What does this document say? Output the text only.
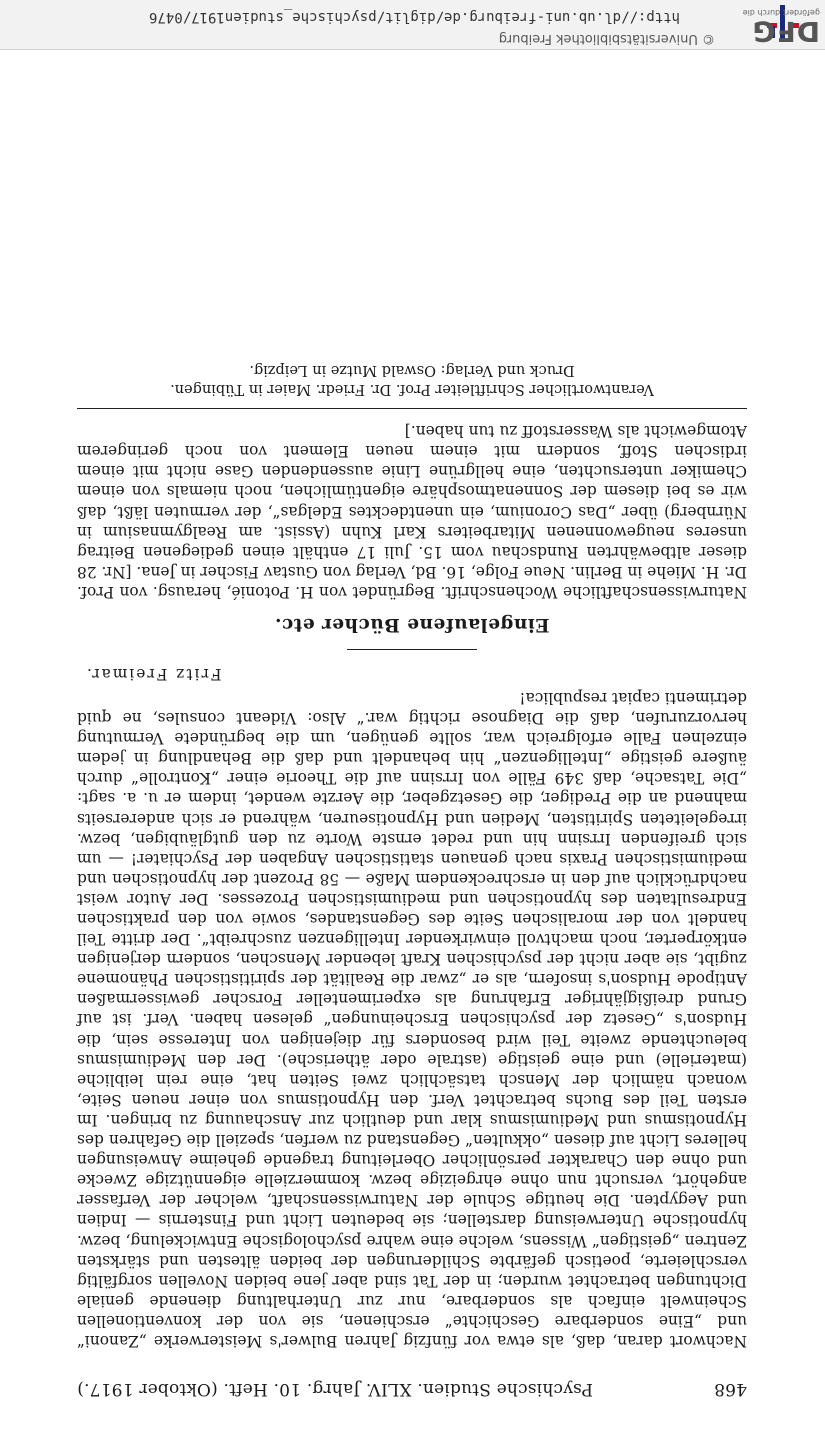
468
Psychische Studien. XLIV. Jahrg. 10. Heft. (Oktober 1917.)

Nachwort daran, daß, als etwa vor fünfzig Jahren Bulwer's Meisterwerke „Zanoni“ und „Eine sonderbare Geschichte“ erschienen, sie von der konventionellen Scheinwelt einfach als sonderbare, nur zur Unterhaltung dienende geniale Dichtungen betrachtet wurden; in der Tat sind aber jene beiden Novellen sorgfältig verschleierte, poetisch gefärbte Schilderungen der beiden ältesten und stärksten Zentren „geistigen“ Wissens, welche eine wahre psychologische Entwickelung, bezw. hypnotische Unterweisung darstellen; sie bedeuten Licht und Finsternis — Indien und Aegypten. Die heutige Schule der Naturwissenschaft, welcher der Verfasser angehört, versucht nun ohne ehrgeizige bezw. kommerzielle eigennützige Zwecke und ohne den Charakter persönlicher Oberleitung tragende geheime Anweisungen helleres Licht auf diesen „okkulten“ Gegenstand zu werfen, speziell die Gefahren des Hypnotismus und Mediumismus klar und deutlich zur Anschauung zu bringen. Im ersten Teil des Buchs betrachtet Verf. den Hypnotismus von einer neuen Seite, wonach nämlich der Mensch tatsächlich zwei Seiten hat, eine rein leibliche (materielle) und eine geistige (astrale oder ätherische). Der den Mediumismus beleuchtende zweite Teil wird besonders für diejenigen von Interesse sein, die Hudson's „Gesetz der psychischen Erscheinungen“ gelesen haben. Verf. ist auf Grund dreißigjähriger Erfahrung als experimenteller Forscher gewissermaßen Antipode Hudson's insofern, als er „zwar die Realität der spiritistischen Phänomene zugibt, sie aber nicht der psychischen Kraft lebender Menschen, sondern derjenigen entkörperter, noch machtvoll einwirkender Intelligenzen zuschreibt“. Der dritte Teil handelt von der moralischen Seite des Gegenstandes, sowie von den praktischen Endresultaten des hypnotischen und mediumistischen Prozesses. Der Autor weist nachdrücklich auf den in erschreckendem Maße — 58 Prozent der hypnotischen und mediumistischen Praxis nach genauen statistischen Angaben der Psychiater! — um sich greifenden Irrsinn hin und redet ernste Worte zu den gutgläubigen, bezw. irregeleiteten Spiritisten, Medien und Hypnotiseuren, während er sich andererseits mahnend an die Prediger, die Gesetzgeber, die Aerzte wendet, indem er u. a. sagt: „Die Tatsache, daß 349 Fälle von Irrsinn auf die Theorie einer „Kontrolle“ durch äußere geistige „Intelligenzen“ hin behandelt und daß die Behandlung in jedem einzelnen Falle erfolgreich war, sollte genügen, um die begründete Vermutung hervorzurufen, daß die Diagnose richtig war.“ Also: Videant consules, ne quid detrimenti capiat respublica!

Fritz Freimar.

Eingelaufene Bücher etc.

Naturwissenschaftliche Wochenschrift. Begründet von H. Potonié, herausg. von Prof. Dr. H. Miehe in Berlin. Neue Folge, 16. Bd, Verlag von Gustav Fischer in Jena. [Nr. 28 dieser altbewährten Rundschau vom 15. Juli 17 enthält einen gediegenen Beitrag unseres neugewonnenen Mitarbeiters Karl Kuhn (Assist. am Realgymnasium in Nürnberg) über „Das Coronium, ein unentdecktes Edelgas“, der vermuten läßt, daß wir es bei diesem der Sonnenatmosphäre eigentümlichen, noch niemals von einem Chemiker untersuchten, eine hellgrüne Linie aussendenden Gase nicht mit einem irdischen Stoff, sondern mit einem neuen Element von noch geringerem Atomgewicht als Wasserstoff zu tun haben.]

Verantwortlicher Schriftleiter Prof. Dr. Friedr. Maier in Tübingen.

Druck und Verlag: Oswald Mutze in Leipzig.

© Universitätsbibliothek Freiburg
http://dl.ub.uni-freiburg.de/diglit/psychische_studien1917/0476	DFG
gefördert durch die
